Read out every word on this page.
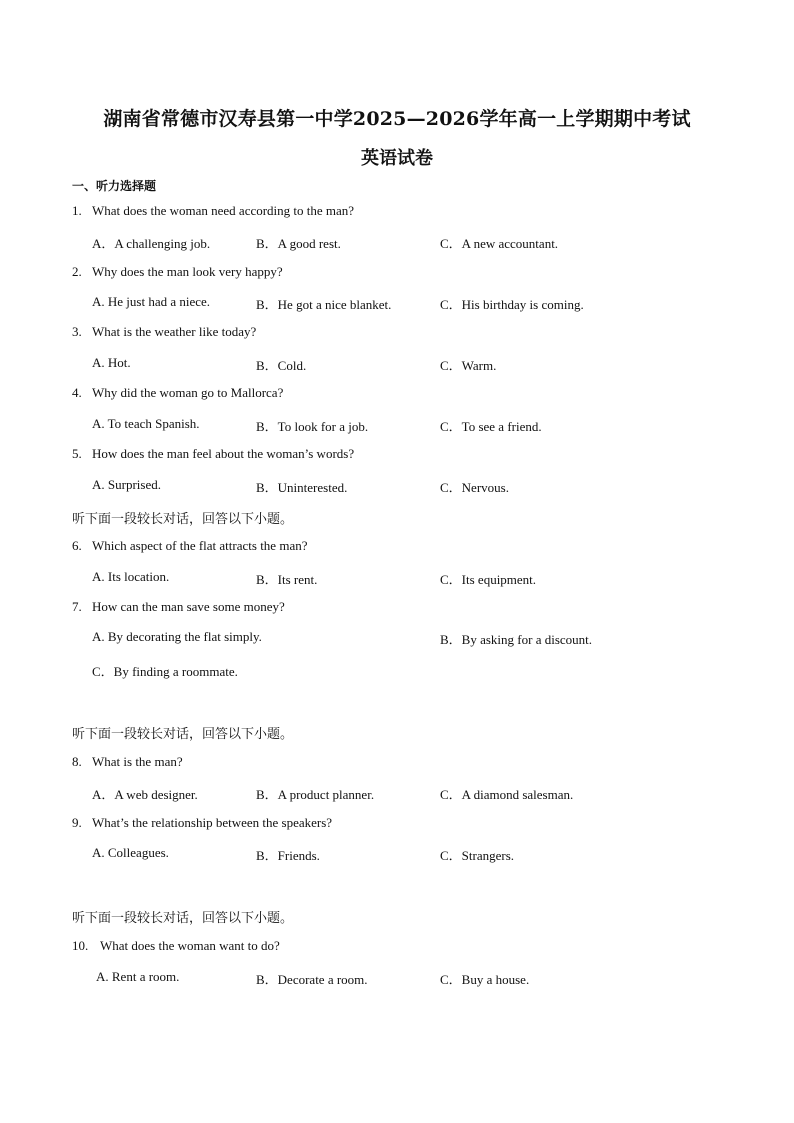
湖南省常德市汉寿县第一中学2025—2026学年高一上学期期中考试
英语试卷
一、听力选择题
1. What does the woman need according to the man?
A．A challenging job.	B．A good rest.	C．A new accountant.
2. Why does the man look very happy?
A. He just had a niece.	B．He got a nice blanket.	C．His birthday is coming.
3. What is the weather like today?
A. Hot.	B．Cold.	C．Warm.
4. Why did the woman go to Mallorca?
A. To teach Spanish.	B．To look for a job.	C．To see a friend.
5. How does the man feel about the woman’s words?
A. Surprised.	B．Uninterested.	C．Nervous.
听下面一段较长对话，回答以下小题。
6. Which aspect of the flat attracts the man?
A. Its location.	B．Its rent.	C．Its equipment.
7. How can the man save some money?
A. By decorating the flat simply.	B．By asking for a discount.
C．By finding a roommate.
听下面一段较长对话，回答以下小题。
8. What is the man?
A．A web designer.	B．A product planner.	C．A diamond salesman.
9. What’s the relationship between the speakers?
A. Colleagues.	B．Friends.	C．Strangers.
听下面一段较长对话，回答以下小题。
10. What does the woman want to do?
A. Rent a room.	B．Decorate a room.	C．Buy a house.
